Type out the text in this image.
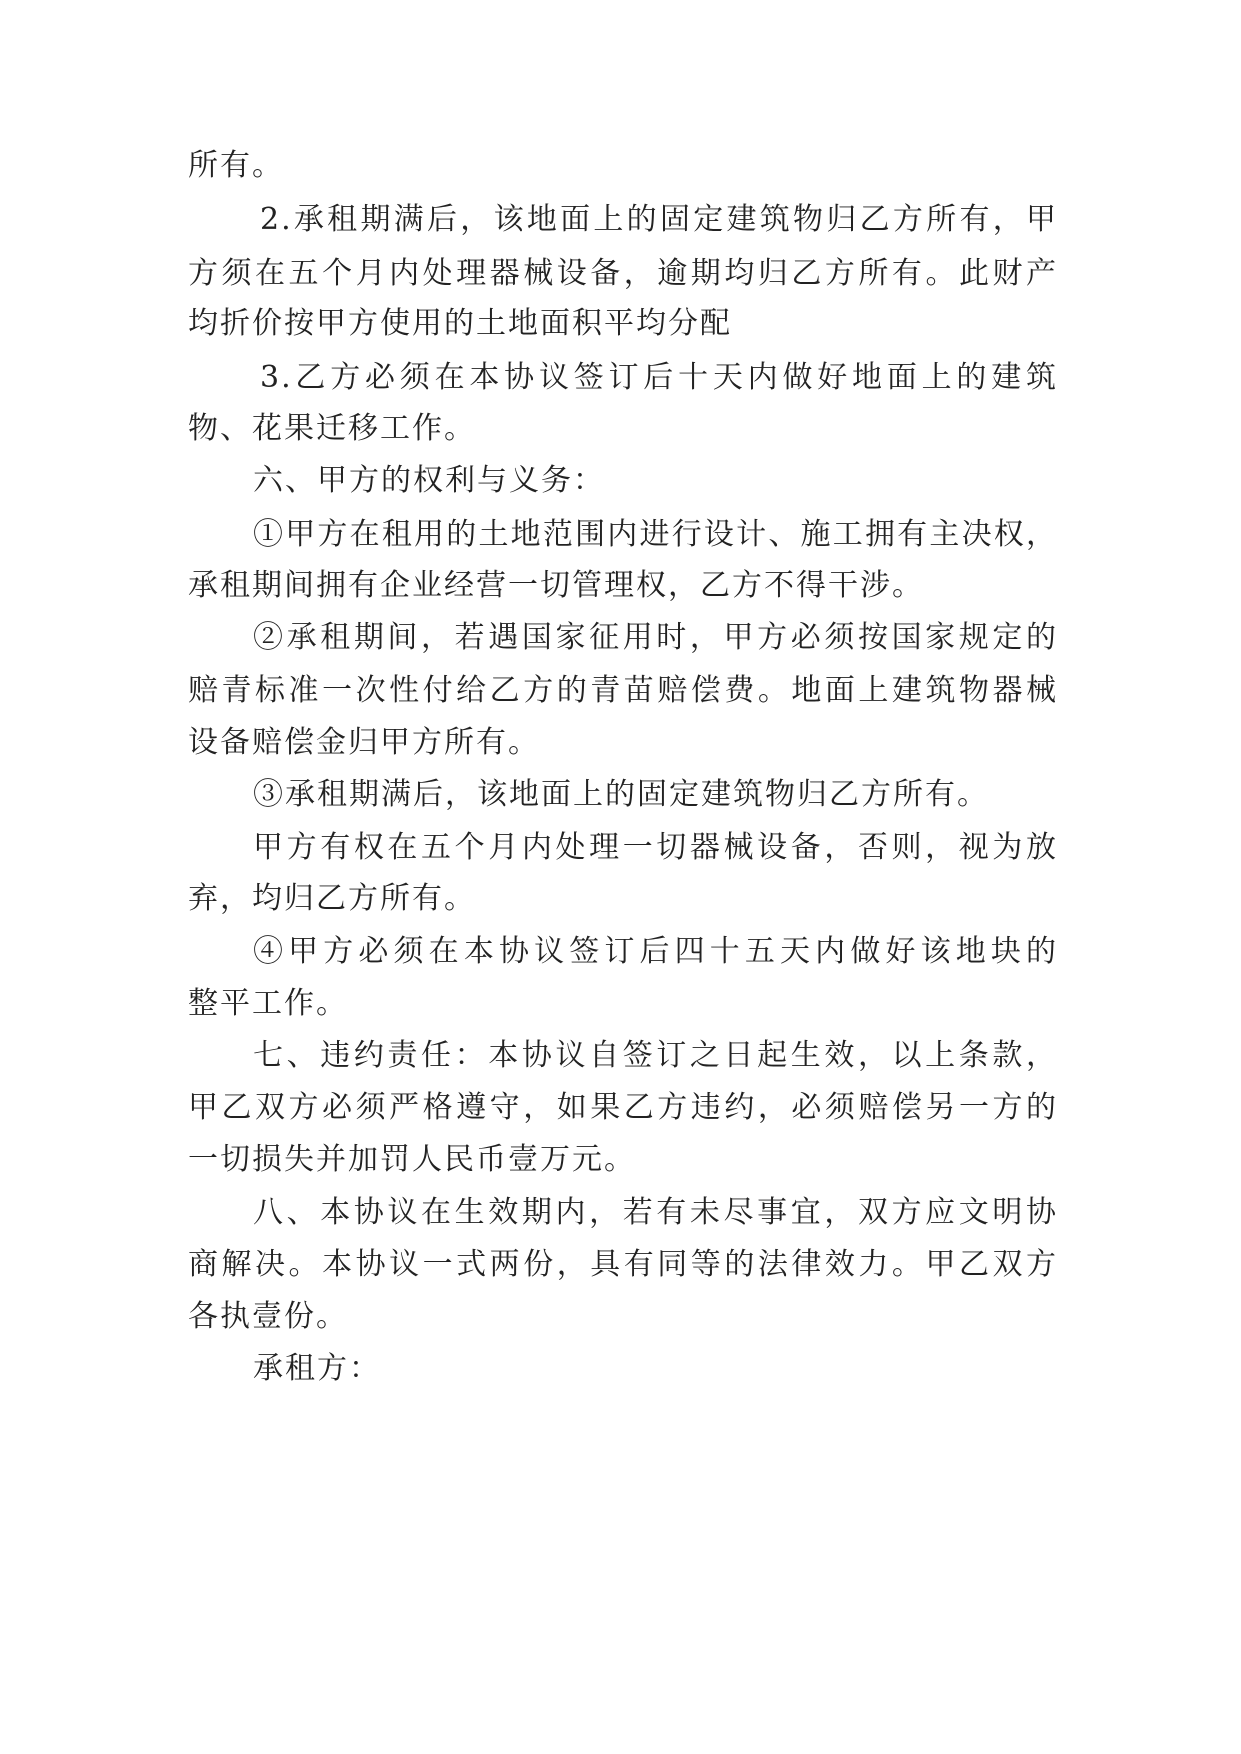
所有。
2.承租期满后，该地面上的固定建筑物归乙方所有，甲
方须在五个月内处理器械设备，逾期均归乙方所有。此财产
均折价按甲方使用的土地面积平均分配
3.乙方必须在本协议签订后十天内做好地面上的建筑
物、花果迁移工作。
六、甲方的权利与义务：
①甲方在租用的土地范围内进行设计、施工拥有主决权，
承租期间拥有企业经营一切管理权，乙方不得干涉。
②承租期间，若遇国家征用时，甲方必须按国家规定的
赔青标准一次性付给乙方的青苗赔偿费。地面上建筑物器械
设备赔偿金归甲方所有。
③承租期满后，该地面上的固定建筑物归乙方所有。
甲方有权在五个月内处理一切器械设备，否则，视为放
弃，均归乙方所有。
④甲方必须在本协议签订后四十五天内做好该地块的
整平工作。
七、违约责任：本协议自签订之日起生效，以上条款，
甲乙双方必须严格遵守，如果乙方违约，必须赔偿另一方的
一切损失并加罚人民币壹万元。
八、本协议在生效期内，若有未尽事宜，双方应文明协
商解决。本协议一式两份，具有同等的法律效力。甲乙双方
各执壹份。
承租方：
